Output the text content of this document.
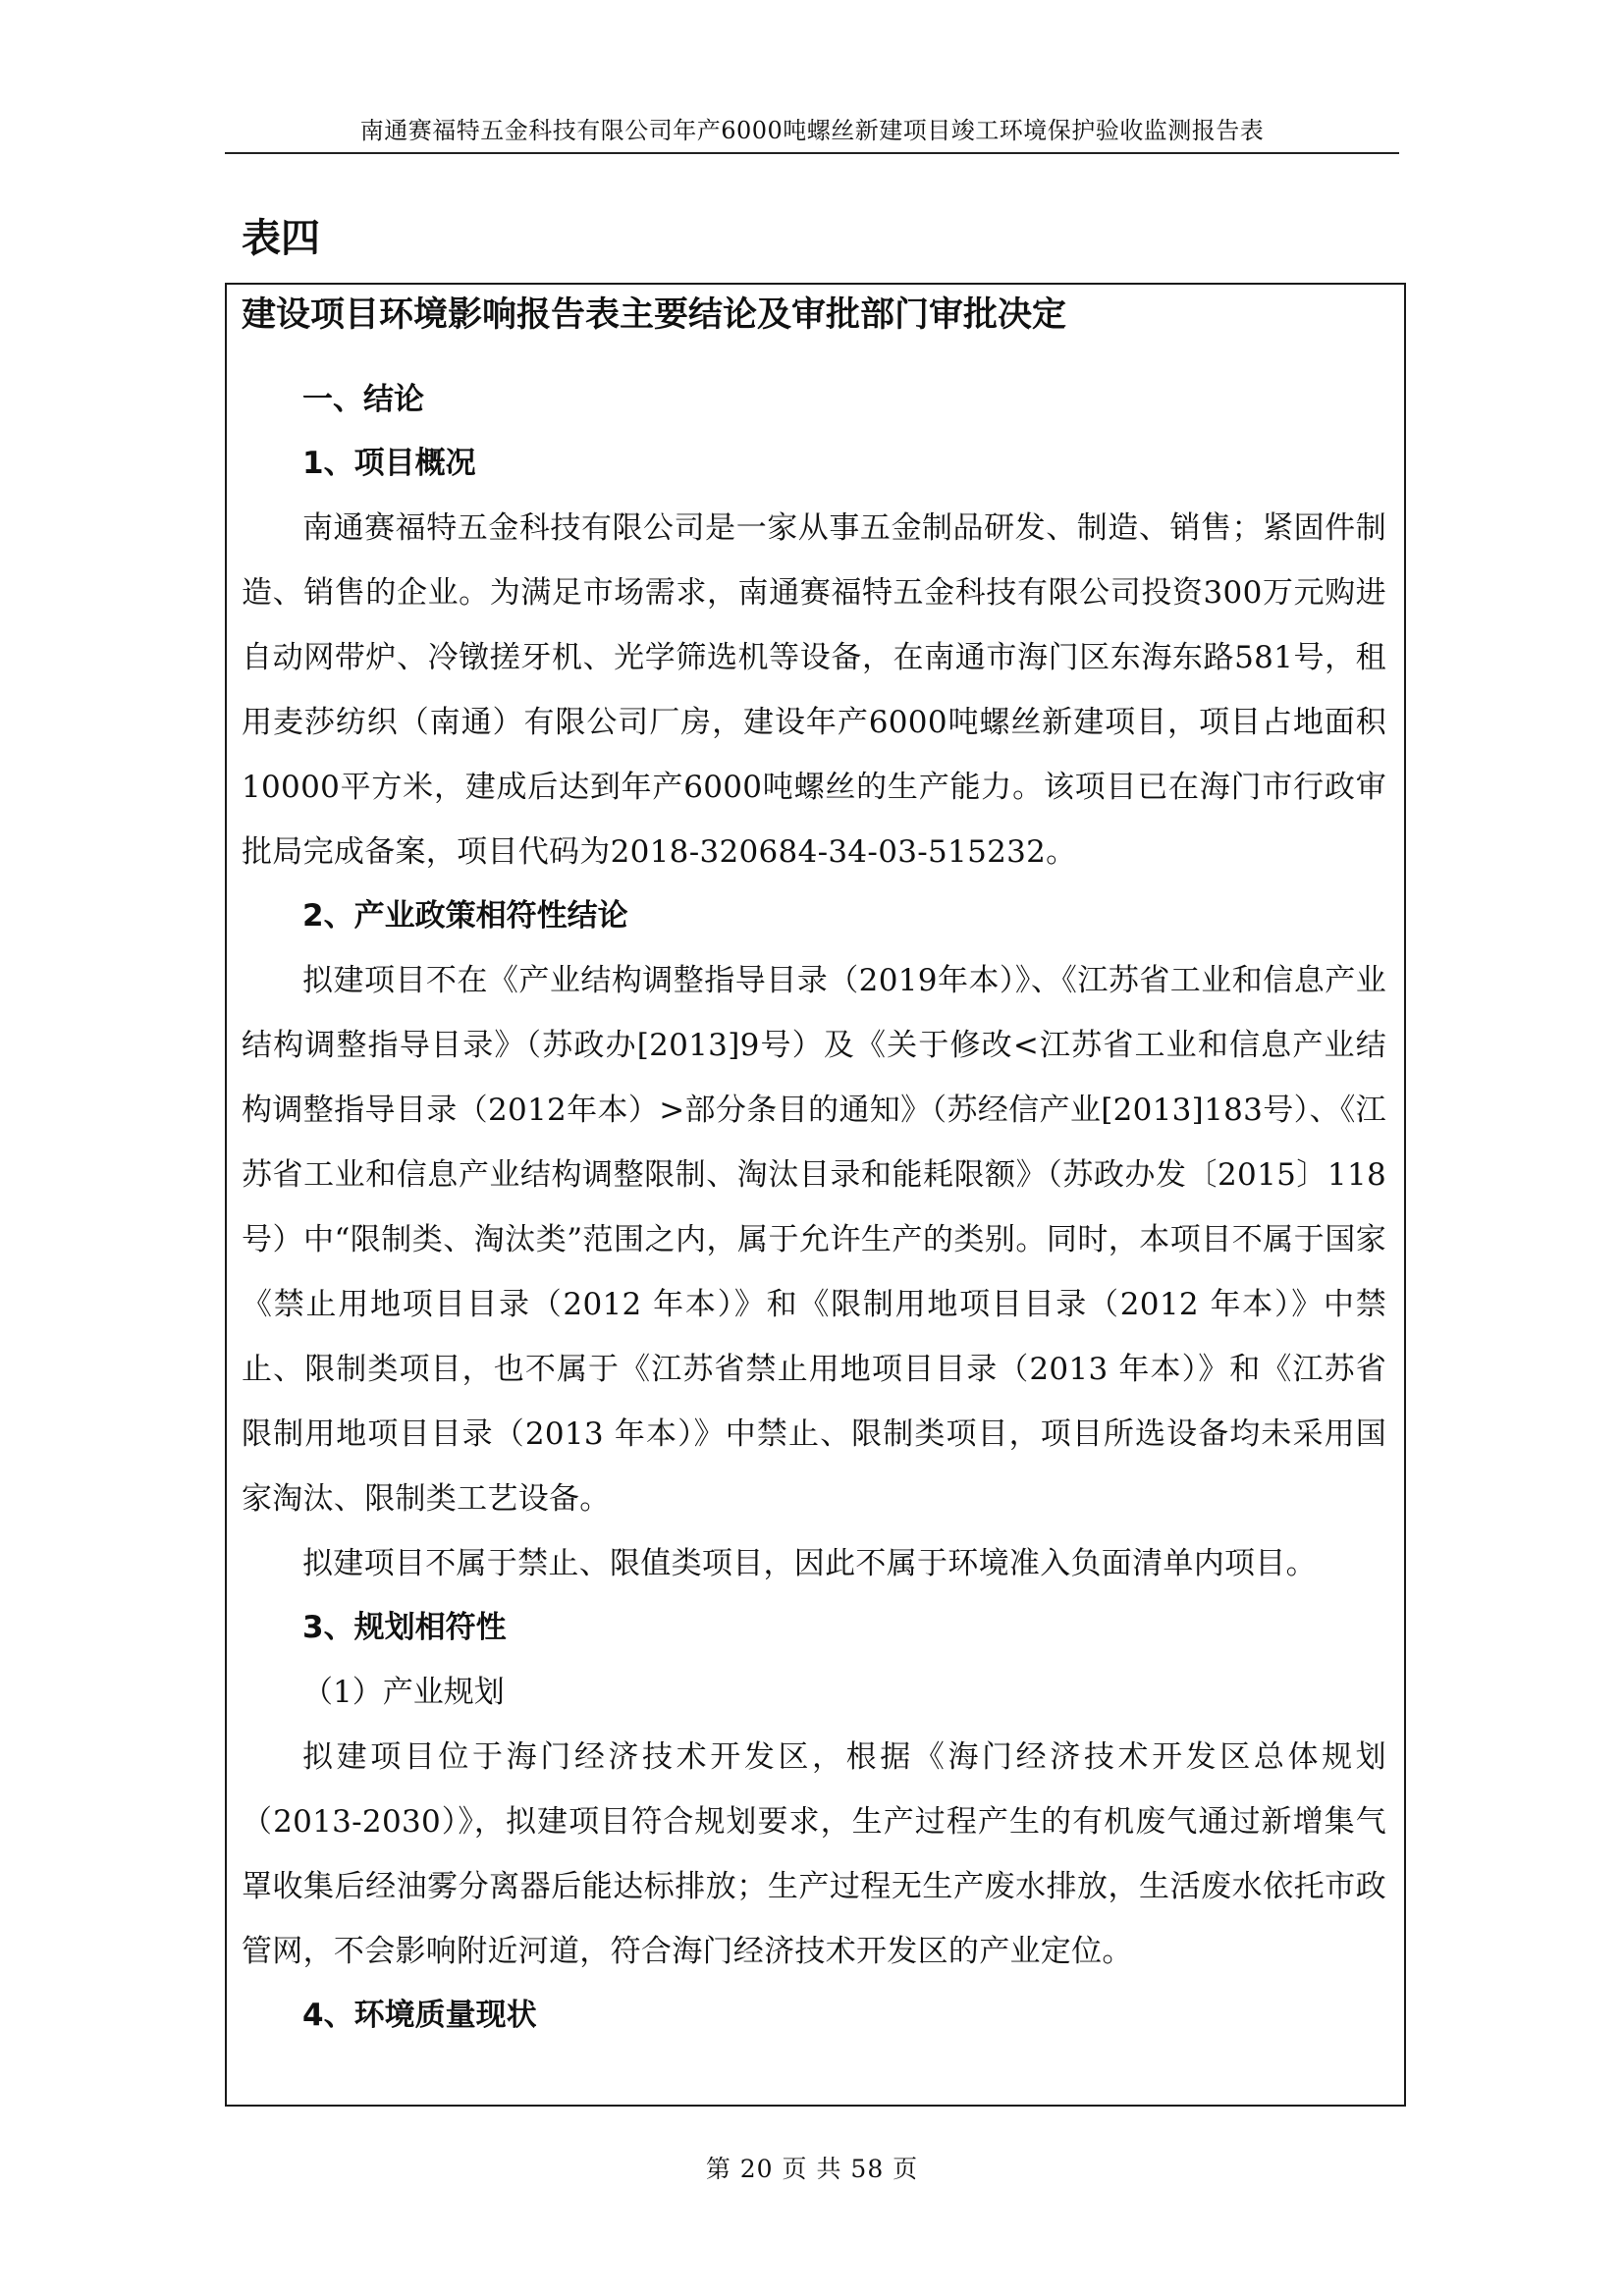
南通赛福特五金科技有限公司年产6000吨螺丝新建项目竣工环境保护验收监测报告表
表四
建设项目环境影响报告表主要结论及审批部门审批决定
一、结论
1、项目概况

南通赛福特五金科技有限公司是一家从事五金制品研发、制造、销售；紧固件制造、销售的企业。为满足市场需求，南通赛福特五金科技有限公司投资300万元购进自动网带炉、冷镦搓牙机、光学筛选机等设备，在南通市海门区东海东路581号，租用麦莎纺织（南通）有限公司厂房，建设年产6000吨螺丝新建项目，项目占地面积10000平方米，建成后达到年产6000吨螺丝的生产能力。该项目已在海门市行政审批局完成备案，项目代码为2018-320684-34-03-515232。

2、产业政策相符性结论

拟建项目不在《产业结构调整指导目录（2019年本）》、《江苏省工业和信息产业结构调整指导目录》（苏政办[2013]9号）及《关于修改<江苏省工业和信息产业结构调整指导目录（2012年本）>部分条目的通知》（苏经信产业[2013]183号）、《江苏省工业和信息产业结构调整限制、淘汰目录和能耗限额》（苏政办发〔2015〕118号）中“限制类、淘汰类”范围之内，属于允许生产的类别。同时，本项目不属于国家《禁止用地项目目录（2012 年本）》和《限制用地项目目录（2012 年本）》中禁止、限制类项目，也不属于《江苏省禁止用地项目目录（2013 年本）》和《江苏省限制用地项目目录（2013 年本）》中禁止、限制类项目，项目所选设备均未采用国家淘汰、限制类工艺设备。

拟建项目不属于禁止、限值类项目，因此不属于环境准入负面清单内项目。

3、规划相符性
（1）产业规划

拟建项目位于海门经济技术开发区，根据《海门经济技术开发区总体规划（2013-2030）》，拟建项目符合规划要求，生产过程产生的有机废气通过新增集气罩收集后经油雾分离器后能达标排放；生产过程无生产废水排放，生活废水依托市政管网，不会影响附近河道，符合海门经济技术开发区的产业定位。

4、环境质量现状
第 20 页 共 58 页
